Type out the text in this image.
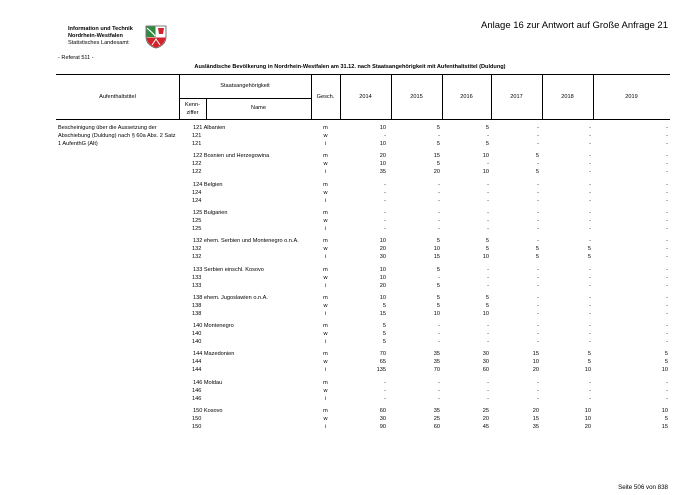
Information und Technik
Nordrhein-Westfalen
Statistisches Landesamt
Anlage 16 zur Antwort auf Große Anfrage 21
- Referat 511 -
Ausländische Bevölkerung in Nordrhein-Westfalen am 31.12. nach Staatsangehörigkeit mit Aufenthaltstitel (Duldung)
Aufenthaltstitel
Staatsangehörigkeit
Kenn-
ziffer
Name
Gesch.	2014	2015	2016	2017	2018	2019
Bescheinigung über die Aussetzung der Abschiebung (Duldung) nach § 60a Abs. 2 Satz 1 AufenthG (Alt)
121 Albanien	m	10	5	5	-	-	-
121	w	-	-	-	-	-	-
121	i	10	5	5	-	-	-
122 Bosnien und Herzegowina	m	20	15	10	5	-	-
122	w	10	5	-	-	-	-
122	i	35	20	10	5	-	-
124 Belgien	m	-	-	-	-	-	-
124	w	-	-	-	-	-	-
124	i	-	-	-	-	-	-
125 Bulgarien	m	-	-	-	-	-	-
125	w	-	-	-	-	-	-
125	i	-	-	-	-	-	-
132 ehem. Serbien und Montenegro o.n.A.	m	10	5	5	-	-	-
132	w	20	10	5	5	5	-
132	i	30	15	10	5	5	-
133 Serbien einschl. Kosovo	m	10	5	-	-	-	-
133	w	10	-	-	-	-	-
133	i	20	5	-	-	-	-
138 ehem. Jugoslawien o.n.A.	m	10	5	5	-	-	-
138	w	5	5	5	-	-	-
138	i	15	10	10	-	-	-
140 Montenegro	m	5	-	-	-	-	-
140	w	5	-	-	-	-	-
140	i	5	-	-	-	-	-
144 Mazedonien	m	70	35	30	15	5	5
144	w	65	35	30	10	5	5
144	i	135	70	60	20	10	10
146 Moldau	m	-	-	-	-	-	-
146	w	-	-	-	-	-	-
146	i	-	-	-	-	-	-
150 Kosovo	m	60	35	25	20	10	10
150	w	30	25	20	15	10	5
150	i	90	60	45	35	20	15
Seite 506 von 838
